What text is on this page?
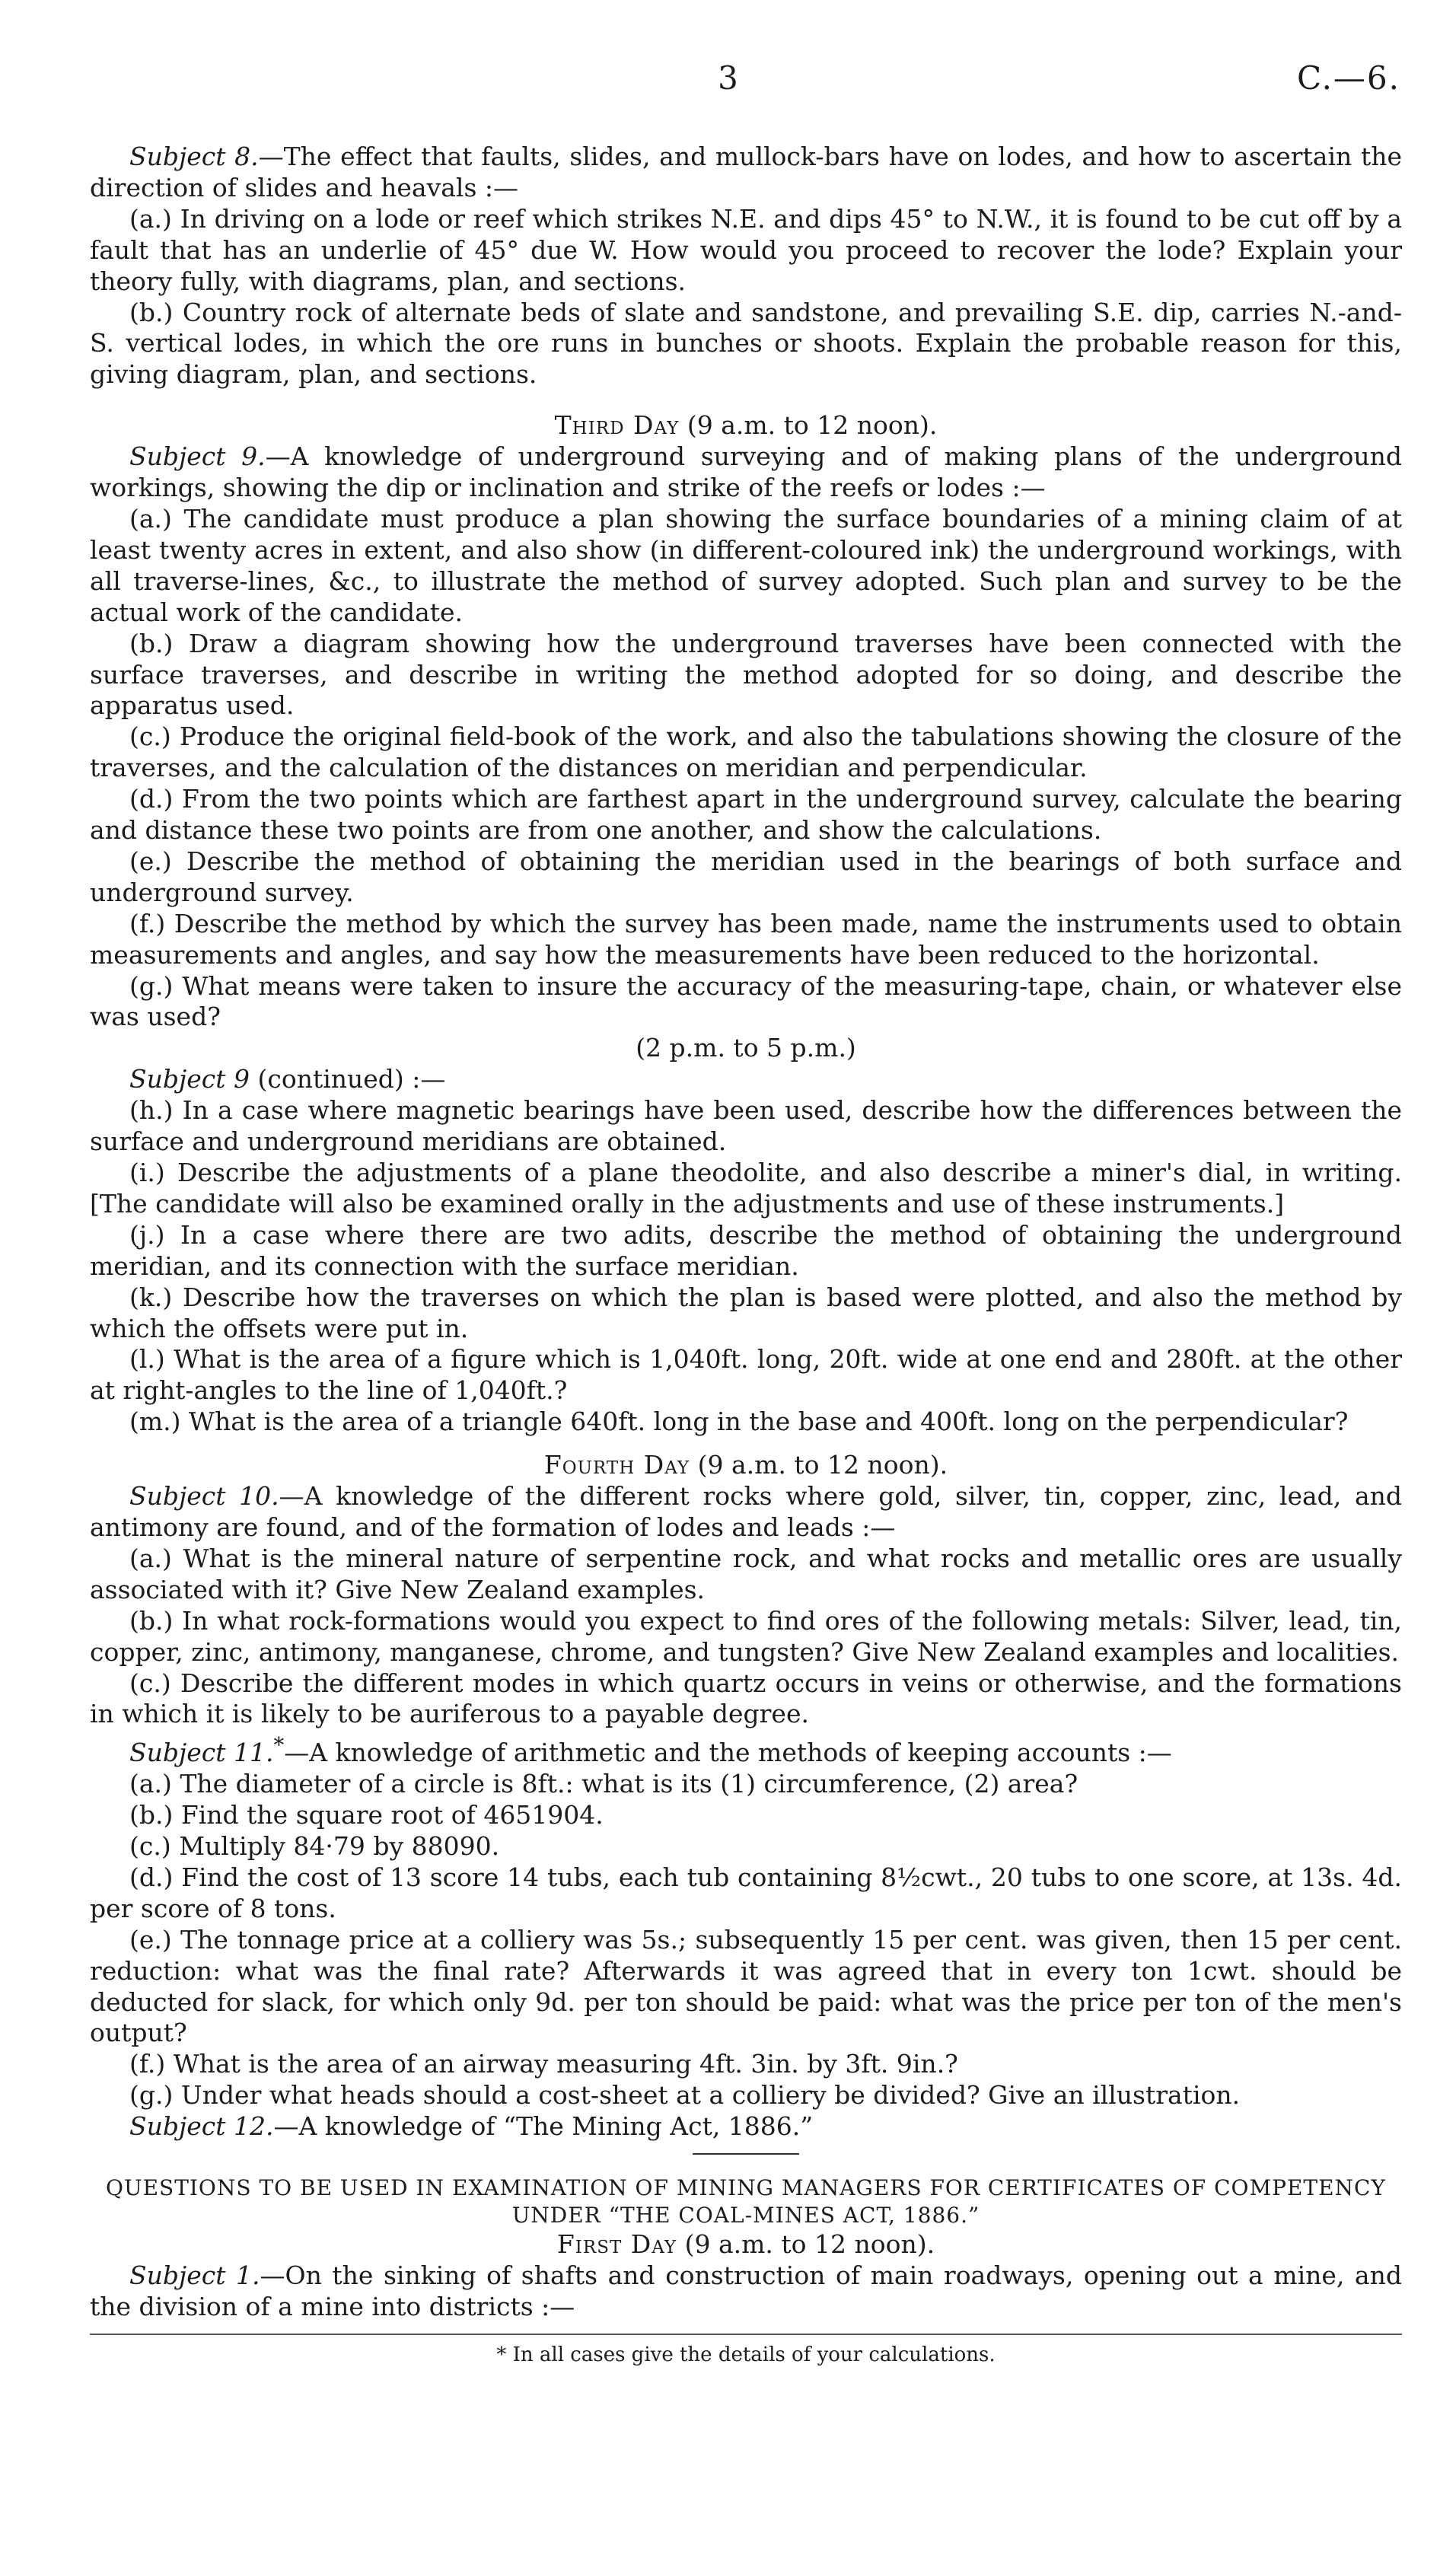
3	C.—6.

Subject 8.—The effect that faults, slides, and mullock-bars have on lodes, and how to ascertain the direction of slides and heavals :—

(a.) In driving on a lode or reef which strikes N.E. and dips 45° to N.W., it is found to be cut off by a fault that has an underlie of 45° due W. How would you proceed to recover the lode? Explain your theory fully, with diagrams, plan, and sections.

(b.) Country rock of alternate beds of slate and sandstone, and prevailing S.E. dip, carries N.-and-S. vertical lodes, in which the ore runs in bunches or shoots. Explain the probable reason for this, giving diagram, plan, and sections.

Third Day (9 a.m. to 12 noon).

Subject 9.—A knowledge of underground surveying and of making plans of the underground workings, showing the dip or inclination and strike of the reefs or lodes :—

(a.) The candidate must produce a plan showing the surface boundaries of a mining claim of at least twenty acres in extent, and also show (in different-coloured ink) the underground workings, with all traverse-lines, &c., to illustrate the method of survey adopted. Such plan and survey to be the actual work of the candidate.

(b.) Draw a diagram showing how the underground traverses have been connected with the surface traverses, and describe in writing the method adopted for so doing, and describe the apparatus used.

(c.) Produce the original field-book of the work, and also the tabulations showing the closure of the traverses, and the calculation of the distances on meridian and perpendicular.

(d.) From the two points which are farthest apart in the underground survey, calculate the bearing and distance these two points are from one another, and show the calculations.

(e.) Describe the method of obtaining the meridian used in the bearings of both surface and underground survey.

(f.) Describe the method by which the survey has been made, name the instruments used to obtain measurements and angles, and say how the measurements have been reduced to the horizontal.

(g.) What means were taken to insure the accuracy of the measuring-tape, chain, or whatever else was used?

(2 p.m. to 5 p.m.)

Subject 9 (continued) :—

(h.) In a case where magnetic bearings have been used, describe how the differences between the surface and underground meridians are obtained.

(i.) Describe the adjustments of a plane theodolite, and also describe a miner's dial, in writing. [The candidate will also be examined orally in the adjustments and use of these instruments.]

(j.) In a case where there are two adits, describe the method of obtaining the underground meridian, and its connection with the surface meridian.

(k.) Describe how the traverses on which the plan is based were plotted, and also the method by which the offsets were put in.

(l.) What is the area of a figure which is 1,040ft. long, 20ft. wide at one end and 280ft. at the other at right-angles to the line of 1,040ft.?

(m.) What is the area of a triangle 640ft. long in the base and 400ft. long on the perpendicular?

Fourth Day (9 a.m. to 12 noon).

Subject 10.—A knowledge of the different rocks where gold, silver, tin, copper, zinc, lead, and antimony are found, and of the formation of lodes and leads :—

(a.) What is the mineral nature of serpentine rock, and what rocks and metallic ores are usually associated with it? Give New Zealand examples.

(b.) In what rock-formations would you expect to find ores of the following metals: Silver, lead, tin, copper, zinc, antimony, manganese, chrome, and tungsten? Give New Zealand examples and localities.

(c.) Describe the different modes in which quartz occurs in veins or otherwise, and the formations in which it is likely to be auriferous to a payable degree.

Subject 11.*—A knowledge of arithmetic and the methods of keeping accounts :—

(a.) The diameter of a circle is 8ft.: what is its (1) circumference, (2) area?

(b.) Find the square root of 4651904.

(c.) Multiply 84·79 by 88090.

(d.) Find the cost of 13 score 14 tubs, each tub containing 8½cwt., 20 tubs to one score, at 13s. 4d. per score of 8 tons.

(e.) The tonnage price at a colliery was 5s.; subsequently 15 per cent. was given, then 15 per cent. reduction: what was the final rate? Afterwards it was agreed that in every ton 1cwt. should be deducted for slack, for which only 9d. per ton should be paid: what was the price per ton of the men's output?

(f.) What is the area of an airway measuring 4ft. 3in. by 3ft. 9in.?

(g.) Under what heads should a cost-sheet at a colliery be divided? Give an illustration.

Subject 12.—A knowledge of “The Mining Act, 1886.”

QUESTIONS TO BE USED IN EXAMINATION OF MINING MANAGERS FOR CERTIFICATES OF COMPETENCY UNDER “THE COAL-MINES ACT, 1886.”

First Day (9 a.m. to 12 noon).

Subject 1.—On the sinking of shafts and construction of main roadways, opening out a mine, and the division of a mine into districts :—

* In all cases give the details of your calculations.
